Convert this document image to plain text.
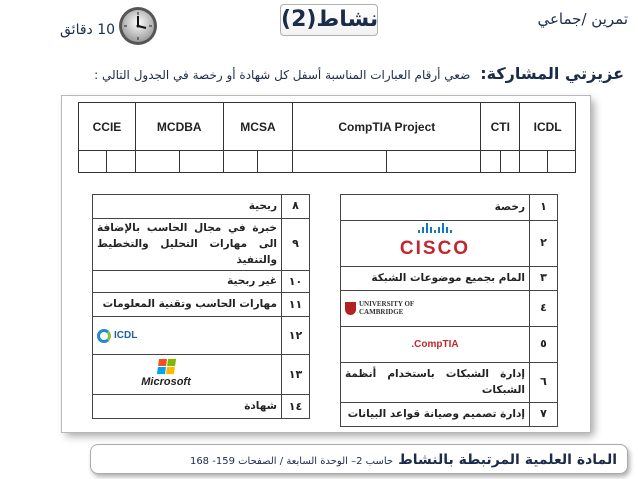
10 دقائق	نشاط(2)	تمرين /جماعي
عزيزتي المشاركة:ضعي أرقام العبارات المناسبة أسفل كل شهادة أو رخصة في الجدول التالي :
CCIE		MCDBA		MCSA		CompTIA Project		CTI		ICDL	

١	رخصة
٢	CISCO

٣	المام بجميع موضوعات الشبكة
٤	UNIVERSITY OF
CAMBRIDGE

٥	CompTIA.
٦	إدارة الشبكات باستخدام أنظمة الشبكات
٧	إدارة تصميم وصيانة قواعد البيانات
٨	ربحية
٩	خبرة في مجال الحاسب بالإضافة الى مهارات التحليل والتخطيط والتنفيذ
١٠	غير ربحية
١١	مهارات الحاسب وتقنية المعلومات
١٢	ICDL

١٣	Microsoft

١٤	شهادة
المادة العلمية المرتبطة بالنشاط حاسب 2– الوحدة السابعة / الصفحات 159- 168
